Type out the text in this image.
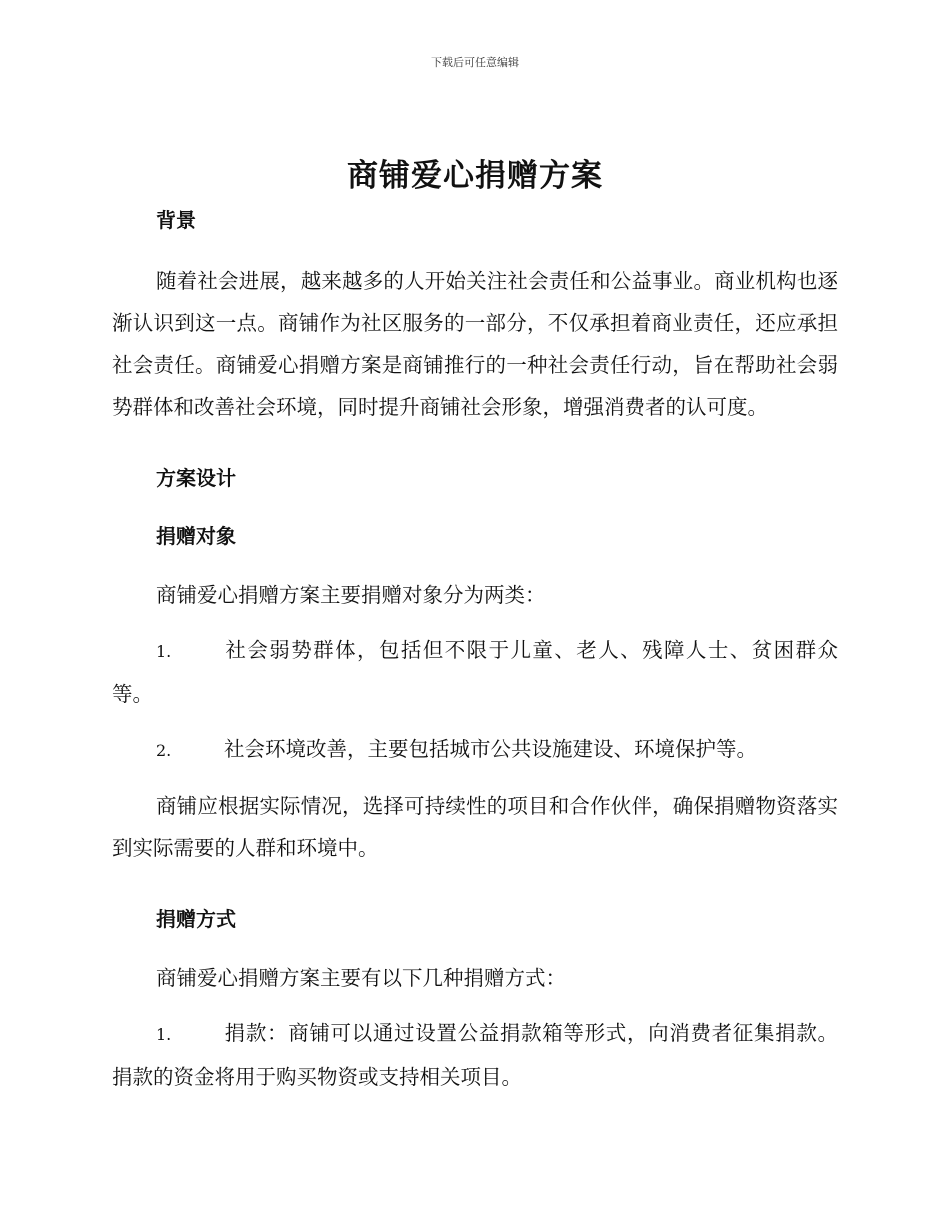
下载后可任意编辑
商铺爱心捐赠方案

背景

随着社会进展，越来越多的人开始关注社会责任和公益事业。商业机构也逐渐认识到这一点。商铺作为社区服务的一部分，不仅承担着商业责任，还应承担社会责任。商铺爱心捐赠方案是商铺推行的一种社会责任行动，旨在帮助社会弱势群体和改善社会环境，同时提升商铺社会形象，增强消费者的认可度。

方案设计

捐赠对象

商铺爱心捐赠方案主要捐赠对象分为两类：

1.	社会弱势群体，包括但不限于儿童、老人、残障人士、贫困群众等。

2.	社会环境改善，主要包括城市公共设施建设、环境保护等。

商铺应根据实际情况，选择可持续性的项目和合作伙伴，确保捐赠物资落实到实际需要的人群和环境中。

捐赠方式

商铺爱心捐赠方案主要有以下几种捐赠方式：

1.	捐款：商铺可以通过设置公益捐款箱等形式，向消费者征集捐款。捐款的资金将用于购买物资或支持相关项目。
